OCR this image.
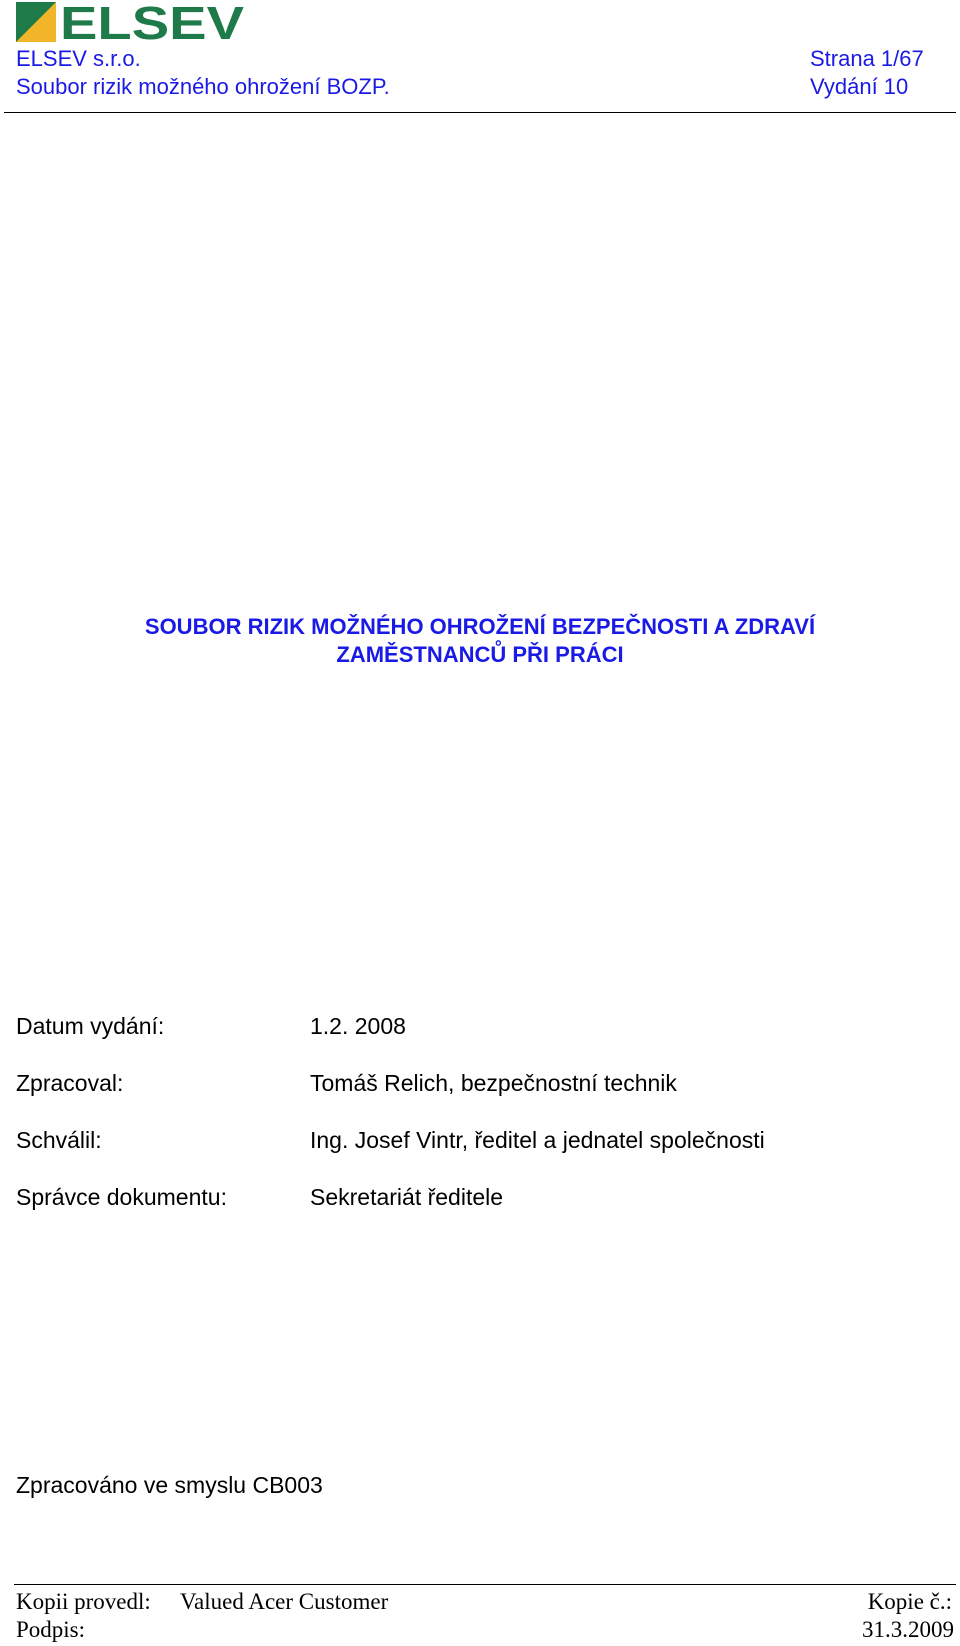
ELSEV
ELSEV s.r.o.
Soubor rizik možného ohrožení BOZP.
Strana 1/67
Vydání 10
SOUBOR RIZIK MOŽNÉHO OHROŽENÍ BEZPEČNOSTI A ZDRAVÍ
ZAMĚSTNANCŮ PŘI PRÁCI
Datum vydání:	1.2. 2008
Zpracoval:	Tomáš Relich, bezpečnostní technik
Schválil:	Ing. Josef Vintr, ředitel a jednatel společnosti
Správce dokumentu:	Sekretariát ředitele
Zpracováno ve smyslu CB003
Kopii provedl: Valued Acer Customer	Kopie č.:
Podpis:	31.3.2009
